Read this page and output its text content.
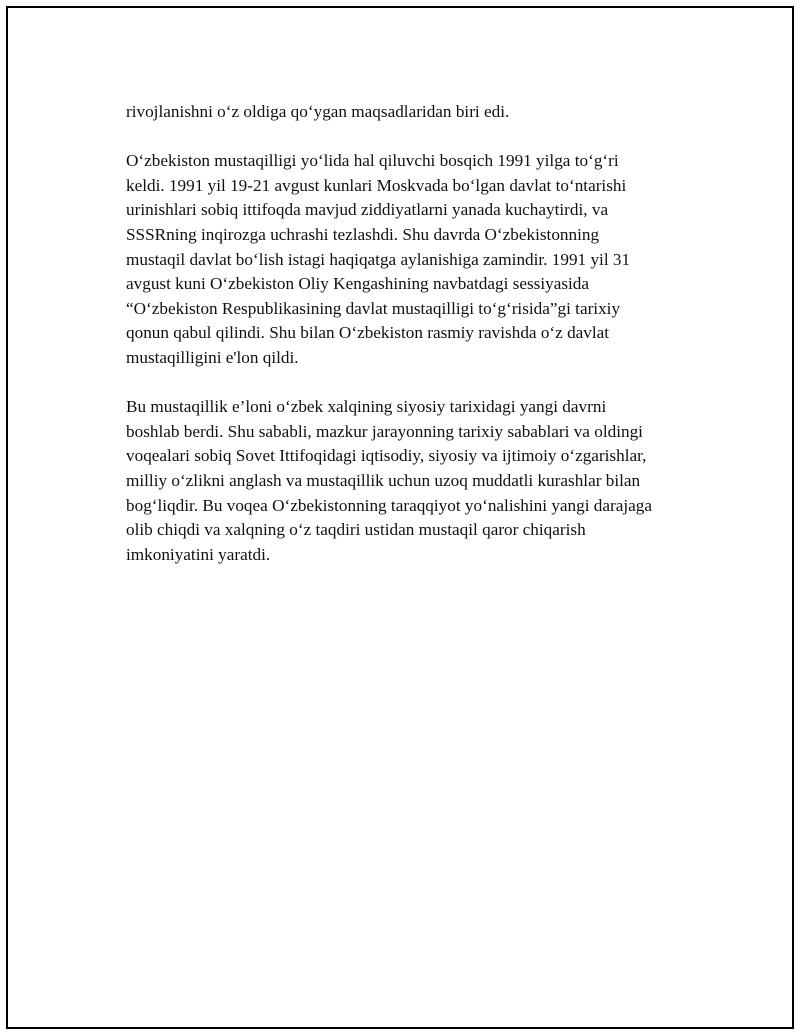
rivojlanishni o‘z oldiga qo‘ygan maqsadlaridan biri edi.

O‘zbekiston mustaqilligi yo‘lida hal qiluvchi bosqich 1991 yilga to‘g‘ri
keldi. 1991 yil 19-21 avgust kunlari Moskvada bo‘lgan davlat to‘ntarishi
urinishlari sobiq ittifoqda mavjud ziddiyatlarni yanada kuchaytirdi, va
SSSRning inqirozga uchrashi tezlashdi. Shu davrda O‘zbekistonning
mustaqil davlat bo‘lish istagi haqiqatga aylanishiga zamindir. 1991 yil 31
avgust kuni O‘zbekiston Oliy Kengashining navbatdagi sessiyasida
“O‘zbekiston Respublikasining davlat mustaqilligi to‘g‘risida”gi tarixiy
qonun qabul qilindi. Shu bilan O‘zbekiston rasmiy ravishda o‘z davlat
mustaqilligini e'lon qildi.

Bu mustaqillik e’loni o‘zbek xalqining siyosiy tarixidagi yangi davrni
boshlab berdi. Shu sababli, mazkur jarayonning tarixiy sabablari va oldingi
voqealari sobiq Sovet Ittifoqidagi iqtisodiy, siyosiy va ijtimoiy o‘zgarishlar,
milliy o‘zlikni anglash va mustaqillik uchun uzoq muddatli kurashlar bilan
bog‘liqdir. Bu voqea O‘zbekistonning taraqqiyot yo‘nalishini yangi darajaga
olib chiqdi va xalqning o‘z taqdiri ustidan mustaqil qaror chiqarish
imkoniyatini yaratdi.
